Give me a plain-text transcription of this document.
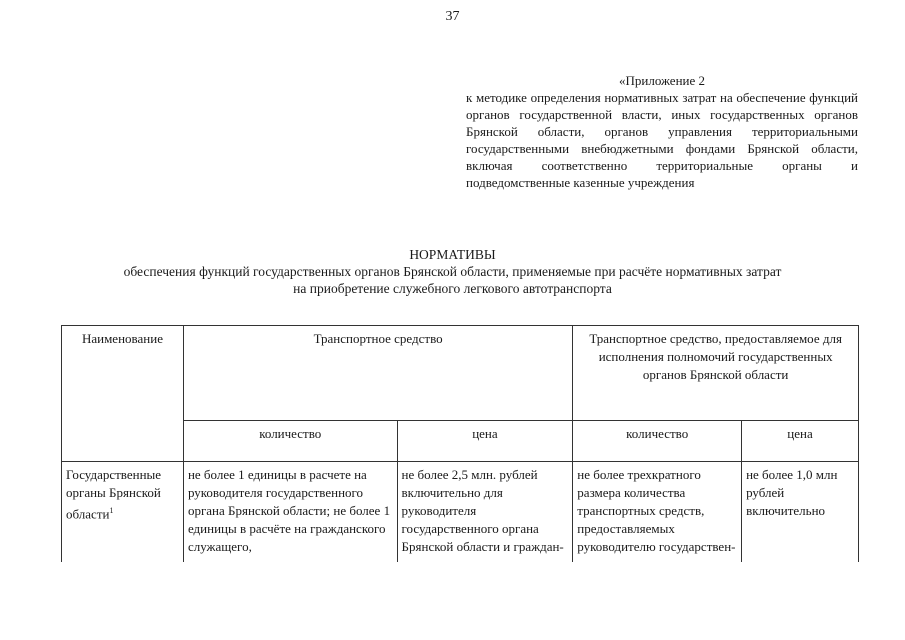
37
«Приложение 2
к методике определения нормативных затрат на обеспечение функций органов государственной власти, иных государственных органов Брянской области, органов управления территориальными государственными внебюджетными фондами Брянской области, включая соответственно территориальные органы и подведомственные казенные учреждения
НОРМАТИВЫ
обеспечения функций государственных органов Брянской области, применяемые при расчёте нормативных затрат
на приобретение служебного легкового автотранспорта
Наименование	Транспортное средство		Транспортное средство, предоставляемое для исполнения полномочий государственных органов Брянской области	
	количество	цена	количество	цена
Государственные органы Брянской области$^1$	не более 1 единицы в расчете на руководителя государственного органа Брянской области; не более 1 единицы в расчёте на гражданского служащего,	не более 2,5 млн. рублей включительно для руководителя государственного органа Брянской области и граждан-	не более трехкратного размера количества транспортных средств, предоставляемых руководителю государствен-	не более 1,0 млн рублей включительно
